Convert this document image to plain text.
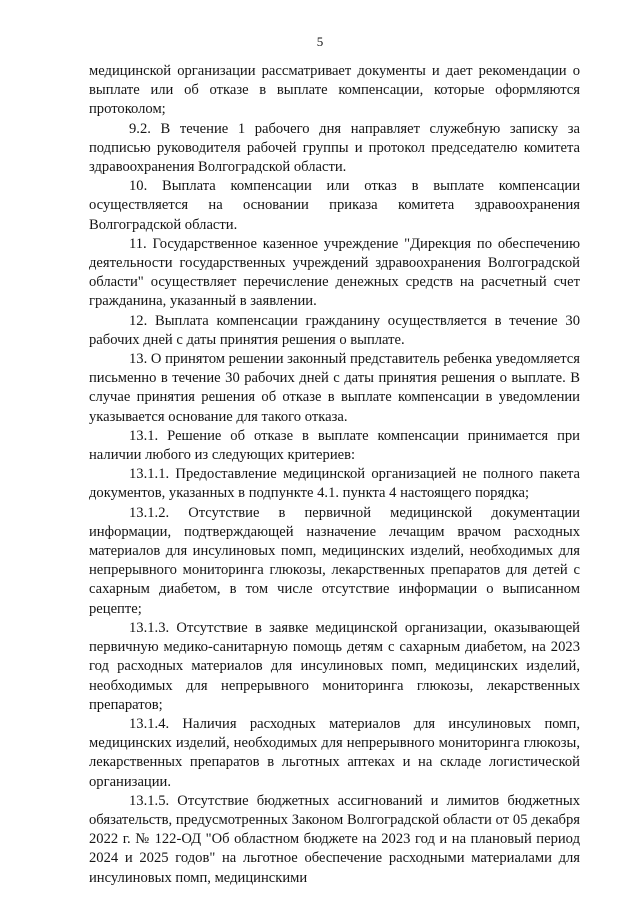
5

медицинской организации рассматривает документы и дает рекомендации о выплате или об отказе в выплате компенсации, которые оформляются протоколом;

9.2. В течение 1 рабочего дня направляет служебную записку за подписью руководителя рабочей группы и протокол председателю комитета здравоохранения Волгоградской области.

10. Выплата компенсации или отказ в выплате компенсации осуществляется на основании приказа комитета здравоохранения Волгоградской области.

11. Государственное казенное учреждение "Дирекция по обеспечению деятельности государственных учреждений здравоохранения Волгоградской области" осуществляет перечисление денежных средств на расчетный счет гражданина, указанный в заявлении.

12. Выплата компенсации гражданину осуществляется в течение 30 рабочих дней с даты принятия решения о выплате.

13. О принятом решении законный представитель ребенка уведомляется письменно в течение 30 рабочих дней с даты принятия решения о выплате. В случае принятия решения об отказе в выплате компенсации в уведомлении указывается основание для такого отказа.

13.1. Решение об отказе в выплате компенсации принимается при наличии любого из следующих критериев:

13.1.1. Предоставление медицинской организацией не полного пакета документов, указанных в подпункте 4.1. пункта 4 настоящего порядка;

13.1.2. Отсутствие в первичной медицинской документации информации, подтверждающей назначение лечащим врачом расходных материалов для инсулиновых помп, медицинских изделий, необходимых для непрерывного мониторинга глюкозы, лекарственных препаратов для детей с сахарным диабетом, в том числе отсутствие информации о выписанном рецепте;

13.1.3. Отсутствие в заявке медицинской организации, оказывающей первичную медико-санитарную помощь детям с сахарным диабетом, на 2023 год расходных материалов для инсулиновых помп, медицинских изделий, необходимых для непрерывного мониторинга глюкозы, лекарственных препаратов;

13.1.4. Наличия расходных материалов для инсулиновых помп, медицинских изделий, необходимых для непрерывного мониторинга глюкозы, лекарственных препаратов в льготных аптеках и на складе логистической организации.

13.1.5. Отсутствие бюджетных ассигнований и лимитов бюджетных обязательств, предусмотренных Законом Волгоградской области от 05 декабря 2022 г. № 122-ОД "Об областном бюджете на 2023 год и на плановый период 2024 и 2025 годов" на льготное обеспечение расходными материалами для инсулиновых помп, медицинскими
